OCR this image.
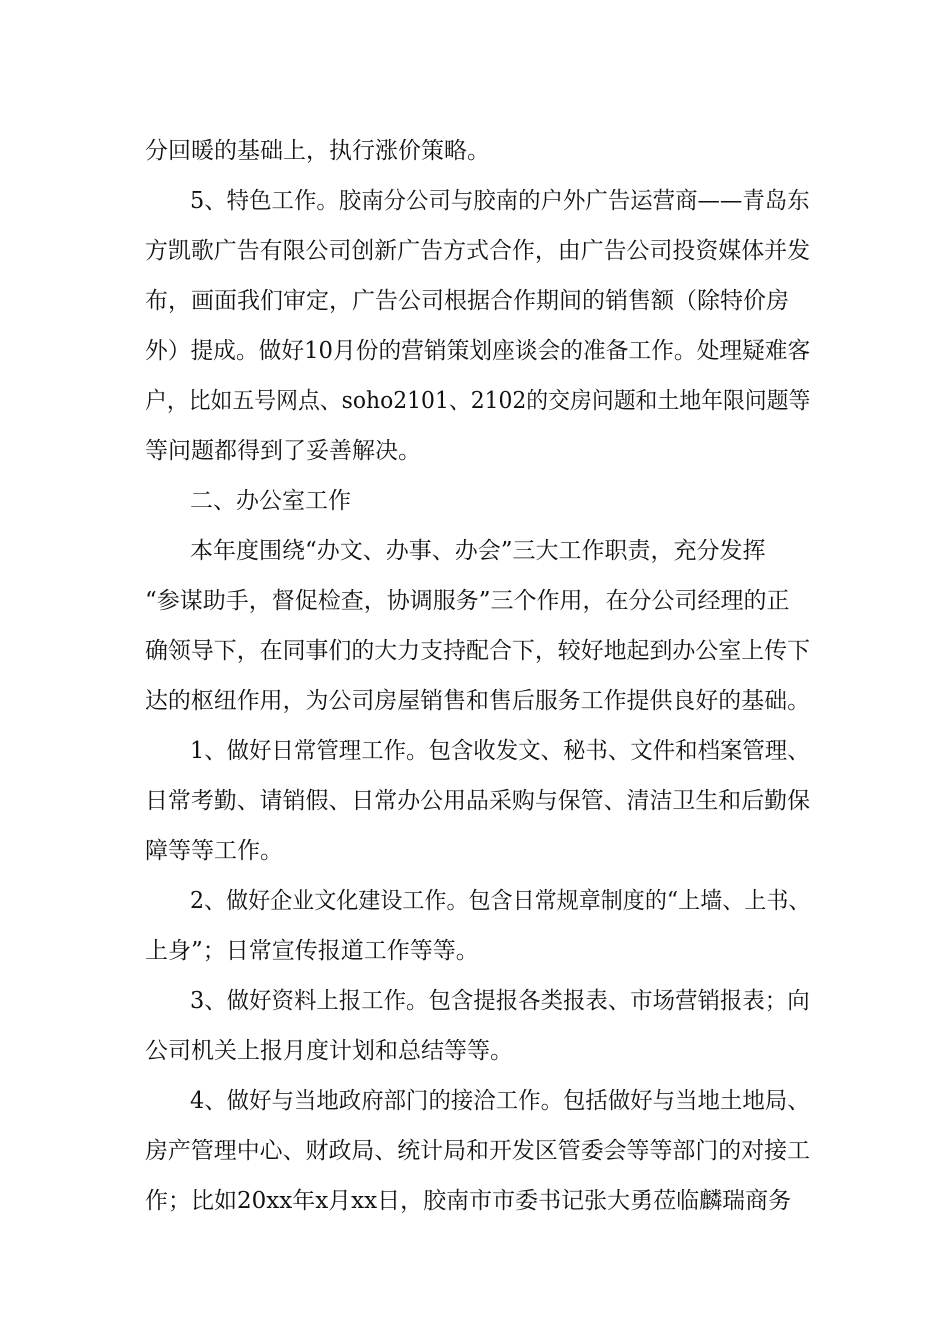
分回暖的基础上，执行涨价策略。
5、特色工作。胶南分公司与胶南的户外广告运营商——青岛东
方凯歌广告有限公司创新广告方式合作，由广告公司投资媒体并发
布，画面我们审定，广告公司根据合作期间的销售额（除特价房
外）提成。做好10月份的营销策划座谈会的准备工作。处理疑难客
户，比如五号网点、soho2101、2102的交房问题和土地年限问题等
等问题都得到了妥善解决。
二、办公室工作
本年度围绕“办文、办事、办会”三大工作职责，充分发挥
“参谋助手，督促检查，协调服务”三个作用，在分公司经理的正
确领导下，在同事们的大力支持配合下，较好地起到办公室上传下
达的枢纽作用，为公司房屋销售和售后服务工作提供良好的基础。
1、做好日常管理工作。包含收发文、秘书、文件和档案管理、
日常考勤、请销假、日常办公用品采购与保管、清洁卫生和后勤保
障等等工作。
2、做好企业文化建设工作。包含日常规章制度的“上墙、上书、
上身”；日常宣传报道工作等等。
3、做好资料上报工作。包含提报各类报表、市场营销报表；向
公司机关上报月度计划和总结等等。
4、做好与当地政府部门的接洽工作。包括做好与当地土地局、
房产管理中心、财政局、统计局和开发区管委会等等部门的对接工
作；比如20xx年x月xx日，胶南市市委书记张大勇莅临麟瑞商务
